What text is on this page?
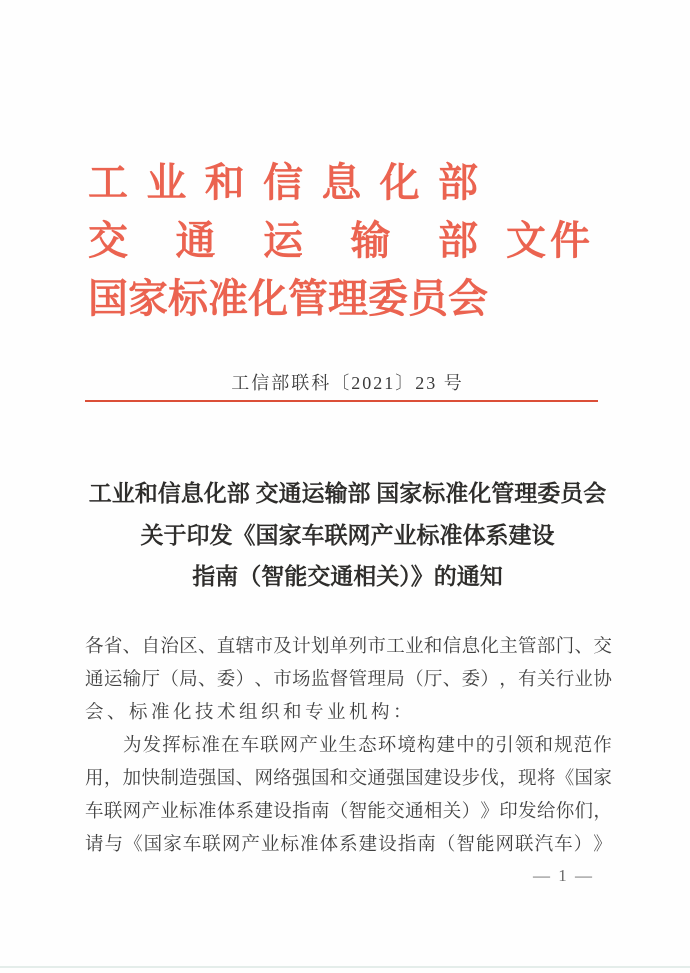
工 业 和 信 息 化 部
交 通 运 输 部 文 件
国 家 标 准 化 管 理 委 员 会
工信部联科〔2021〕23 号
工业和信息化部 交通运输部 国家标准化管理委员会
关于印发《国家车联网产业标准体系建设
指南（智能交通相关）》的通知
各 省 、 自 治 区 、 直 辖 市 及 计 划 单 列 市 工 业 和 信 息 化 主 管 部 门 、 交
通 运 输 厅 （ 局 、 委 ） 、 市 场 监 督 管 理 局 （ 厅 、 委 ） ， 有 关 行 业 协
会、标准化技术组织和专业机构：
为 发 挥 标 准 在 车 联 网 产 业 生 态 环 境 构 建 中 的 引 领 和 规 范 作
用 ， 加 快 制 造 强 国 、 网 络 强 国 和 交 通 强 国 建 设 步 伐 ， 现 将 《 国 家
车 联 网 产 业 标 准 体 系 建 设 指 南 （ 智 能 交 通 相 关 ） 》 印 发 给 你 们 ，
请 与 《 国 家 车 联 网 产 业 标 准 体 系 建 设 指 南 （ 智 能 网 联 汽 车 ） 》
— 1 —
